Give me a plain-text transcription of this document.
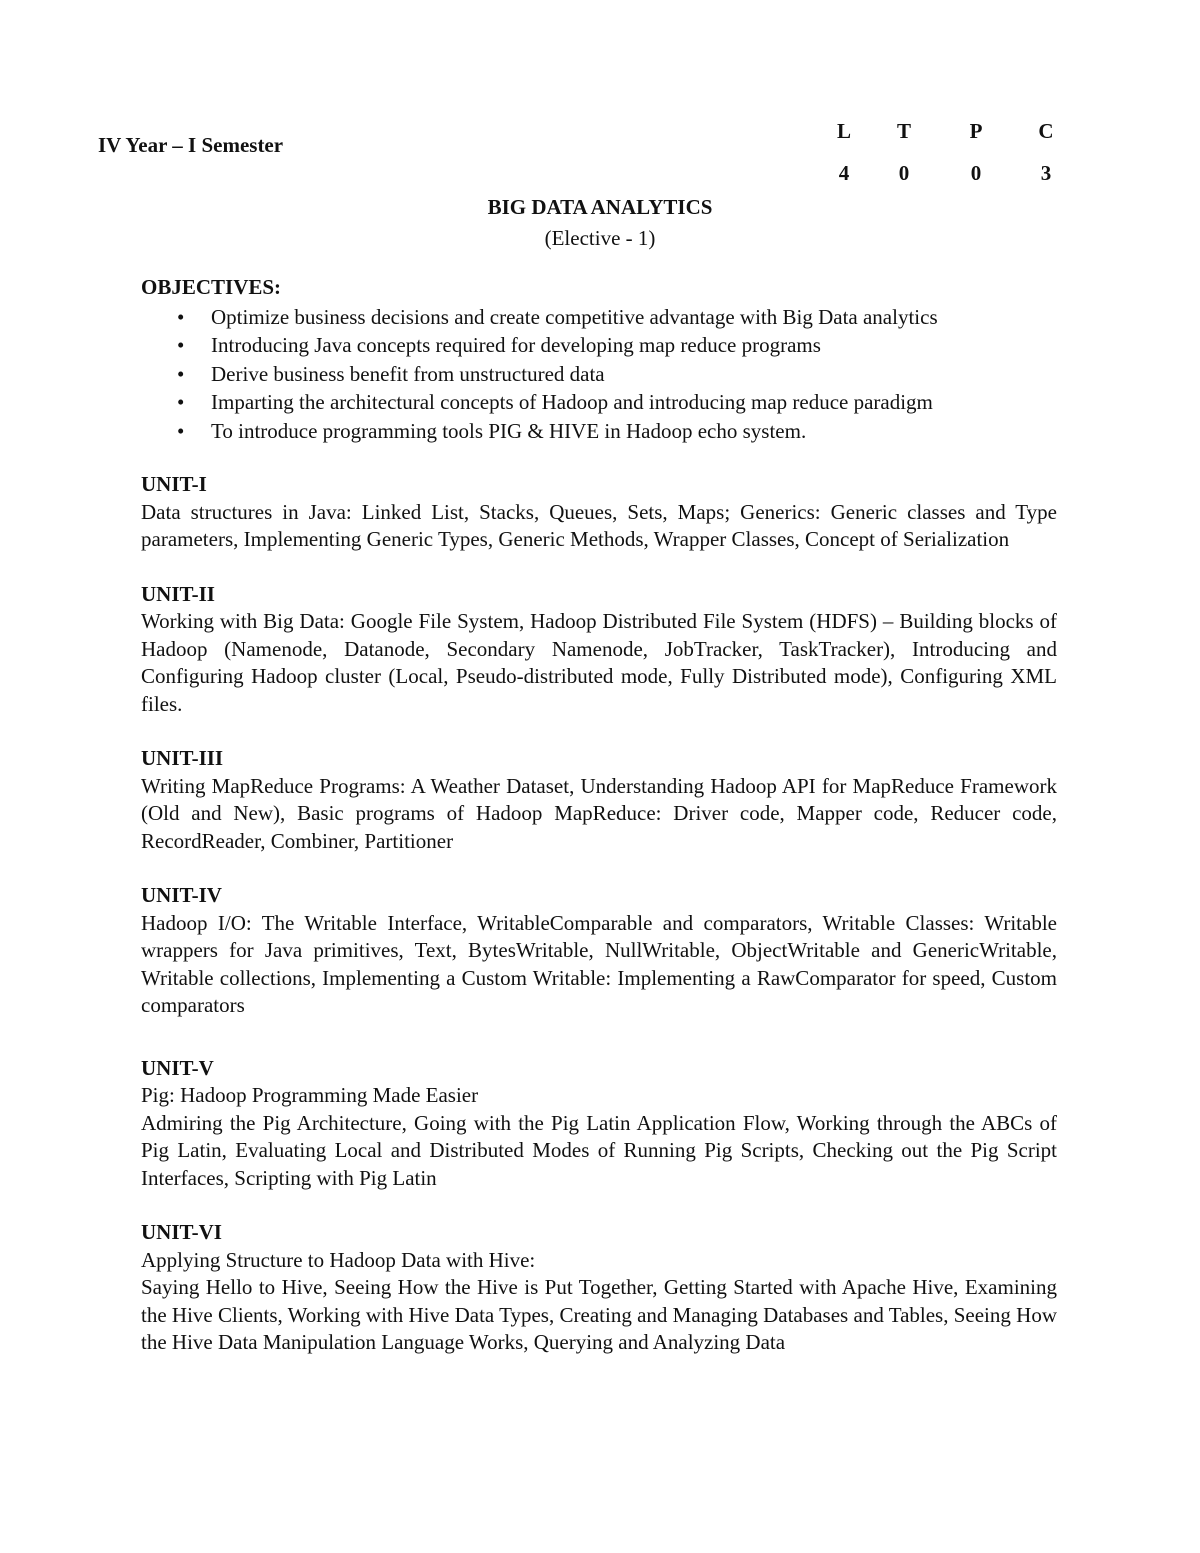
IV Year – I Semester
L	T	P	C
4	0	0	3
BIG DATA ANALYTICS
(Elective - 1)

OBJECTIVES:

• Optimize business decisions and create competitive advantage with Big Data analytics
• Introducing Java concepts required for developing map reduce programs
• Derive business benefit from unstructured data
• Imparting the architectural concepts of Hadoop and introducing map reduce paradigm
• To introduce programming tools PIG & HIVE in Hadoop echo system.

UNIT-I

Data structures in Java: Linked List, Stacks, Queues, Sets, Maps; Generics: Generic classes and Type parameters, Implementing Generic Types, Generic Methods, Wrapper Classes, Concept of Serialization

UNIT-II

Working with Big Data: Google File System, Hadoop Distributed File System (HDFS) – Building blocks of Hadoop (Namenode, Datanode, Secondary Namenode, JobTracker, TaskTracker), Introducing and Configuring Hadoop cluster (Local, Pseudo-distributed mode, Fully Distributed mode), Configuring XML files.

UNIT-III

Writing MapReduce Programs: A Weather Dataset, Understanding Hadoop API for MapReduce Framework (Old and New), Basic programs of Hadoop MapReduce: Driver code, Mapper code, Reducer code, RecordReader, Combiner, Partitioner

UNIT-IV

Hadoop I/O: The Writable Interface, WritableComparable and comparators, Writable Classes: Writable wrappers for Java primitives, Text, BytesWritable, NullWritable, ObjectWritable and GenericWritable, Writable collections, Implementing a Custom Writable: Implementing a RawComparator for speed, Custom comparators

UNIT-V

Pig: Hadoop Programming Made Easier

Admiring the Pig Architecture, Going with the Pig Latin Application Flow, Working through the ABCs of Pig Latin, Evaluating Local and Distributed Modes of Running Pig Scripts, Checking out the Pig Script Interfaces, Scripting with Pig Latin

UNIT-VI

Applying Structure to Hadoop Data with Hive:

Saying Hello to Hive, Seeing How the Hive is Put Together, Getting Started with Apache Hive, Examining the Hive Clients, Working with Hive Data Types, Creating and Managing Databases and Tables, Seeing How the Hive Data Manipulation Language Works, Querying and Analyzing Data
